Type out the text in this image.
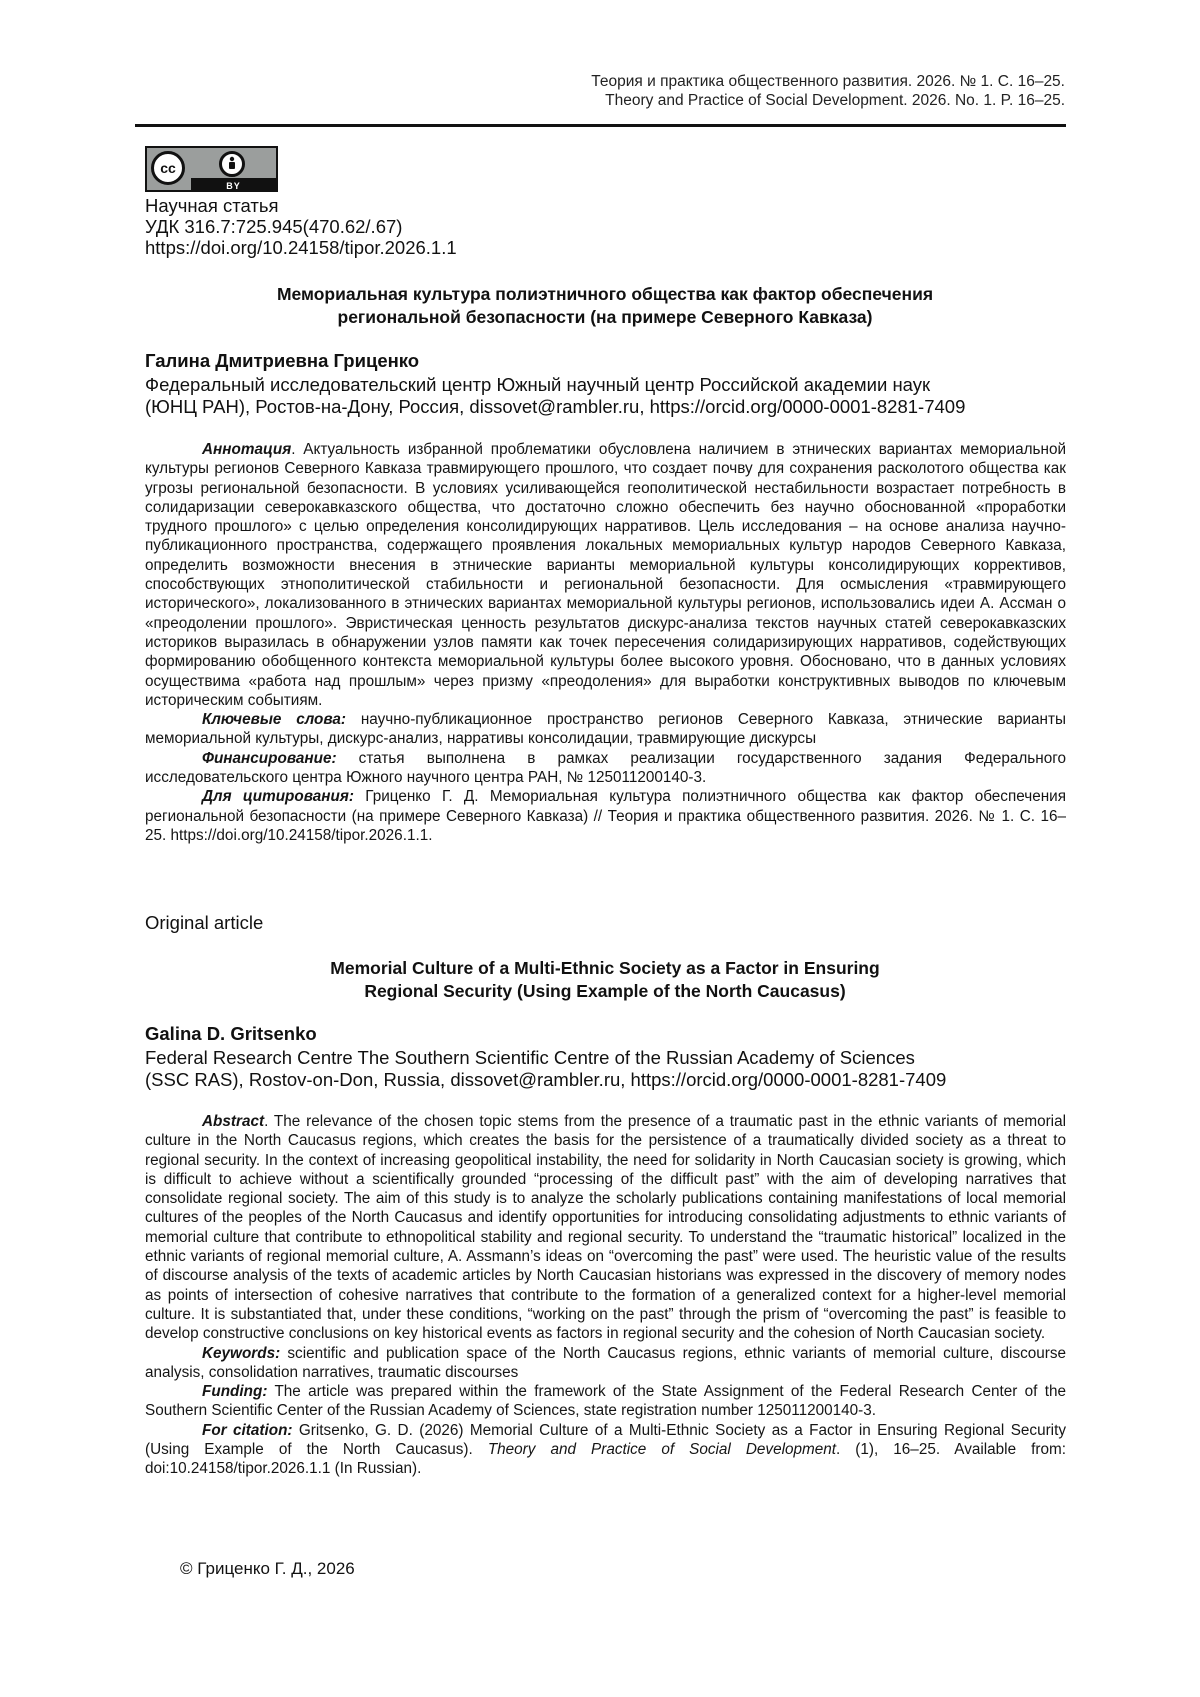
Теория и практика общественного развития. 2026. № 1. С. 16–25.
Theory and Practice of Social Development. 2026. No. 1. P. 16–25.
cc
BY
Научная статья
УДК 316.7:725.945(470.62/.67)
https://doi.org/10.24158/tipor.2026.1.1
Мемориальная культура полиэтничного общества как фактор обеспечения
региональной безопасности (на примере Северного Кавказа)
Галина Дмитриевна Гриценко
Федеральный исследовательский центр Южный научный центр Российской академии наук
(ЮНЦ РАН), Ростов-на-Дону, Россия, dissovet@rambler.ru, https://orcid.org/0000-0001-8281-7409

Аннотация. Актуальность избранной проблематики обусловлена наличием в этнических вариантах мемориальной культуры регионов Северного Кавказа травмирующего прошлого, что создает почву для сохранения расколотого общества как угрозы региональной безопасности. В условиях усиливающейся геополитической нестабильности возрастает потребность в солидаризации северокавказского общества, что достаточно сложно обеспечить без научно обоснованной «проработки трудного прошлого» с целью определения консолидирующих нарративов. Цель исследования – на основе анализа научно-публикационного пространства, содержащего проявления локальных мемориальных культур народов Северного Кавказа, определить возможности внесения в этнические варианты мемориальной культуры консолидирующих коррективов, способствующих этнополитической стабильности и региональной безопасности. Для осмысления «травмирующего исторического», локализованного в этнических вариантах мемориальной культуры регионов, использовались идеи А. Ассман о «преодолении прошлого». Эвристическая ценность результатов дискурс-анализа текстов научных статей северокавказских историков выразилась в обнаружении узлов памяти как точек пересечения солидаризирующих нарративов, содействующих формированию обобщенного контекста мемориальной культуры более высокого уровня. Обосновано, что в данных условиях осуществима «работа над прошлым» через призму «преодоления» для выработки конструктивных выводов по ключевым историческим событиям.

Ключевые слова: научно-публикационное пространство регионов Северного Кавказа, этнические варианты мемориальной культуры, дискурс-анализ, нарративы консолидации, травмирующие дискурсы

Финансирование: статья выполнена в рамках реализации государственного задания Федерального исследовательского центра Южного научного центра РАН, № 125011200140-3.

Для цитирования: Гриценко Г. Д. Мемориальная культура полиэтничного общества как фактор обеспечения региональной безопасности (на примере Северного Кавказа) // Теория и практика общественного развития. 2026. № 1. С. 16–25. https://doi.org/10.24158/tipor.2026.1.1.

Original article
Memorial Culture of a Multi-Ethnic Society as a Factor in Ensuring
Regional Security (Using Example of the North Caucasus)
Galina D. Gritsenko
Federal Research Centre The Southern Scientific Centre of the Russian Academy of Sciences
(SSC RAS), Rostov-on-Don, Russia, dissovet@rambler.ru, https://orcid.org/0000-0001-8281-7409

Abstract. The relevance of the chosen topic stems from the presence of a traumatic past in the ethnic variants of memorial culture in the North Caucasus regions, which creates the basis for the persistence of a traumatically divided society as a threat to regional security. In the context of increasing geopolitical instability, the need for solidarity in North Caucasian society is growing, which is difficult to achieve without a scientifically grounded “processing of the difficult past” with the aim of developing narratives that consolidate regional society. The aim of this study is to analyze the scholarly publications containing manifestations of local memorial cultures of the peoples of the North Caucasus and identify opportunities for introducing consolidating adjustments to ethnic variants of memorial culture that contribute to ethnopolitical stability and regional security. To understand the “traumatic historical” localized in the ethnic variants of regional memorial culture, A. Assmann’s ideas on “overcoming the past” were used. The heuristic value of the results of discourse analysis of the texts of academic articles by North Caucasian historians was expressed in the discovery of memory nodes as points of intersection of cohesive narratives that contribute to the formation of a generalized context for a higher-level memorial culture. It is substantiated that, under these conditions, “working on the past” through the prism of “overcoming the past” is feasible to develop constructive conclusions on key historical events as factors in regional security and the cohesion of North Caucasian society.

Keywords: scientific and publication space of the North Caucasus regions, ethnic variants of memorial culture, discourse analysis, consolidation narratives, traumatic discourses

Funding: The article was prepared within the framework of the State Assignment of the Federal Research Center of the Southern Scientific Center of the Russian Academy of Sciences, state registration number 125011200140-3.

For citation: Gritsenko, G. D. (2026) Memorial Culture of a Multi-Ethnic Society as a Factor in Ensuring Regional Security (Using Example of the North Caucasus). Theory and Practice of Social Development. (1), 16–25. Available from: doi:10.24158/tipor.2026.1.1 (In Russian).

© Гриценко Г. Д., 2026
